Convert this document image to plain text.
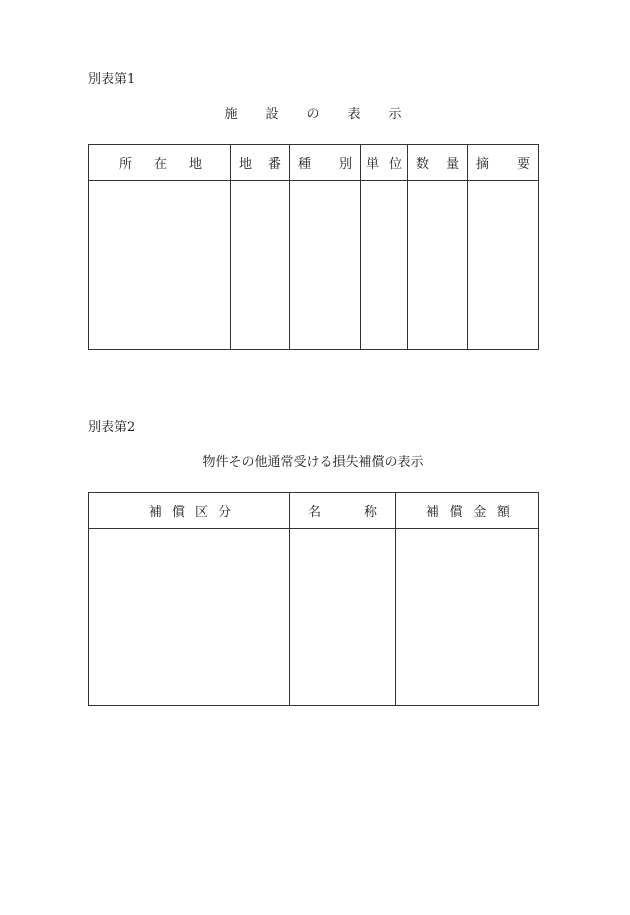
別表第1
施 設 の 表 示
所 在 地	地 番	種 別	単 位	数 量	摘 要

別表第2
物件その他通常受ける損失補償の表示
補 償 区 分	名 称	補 償 金 額
